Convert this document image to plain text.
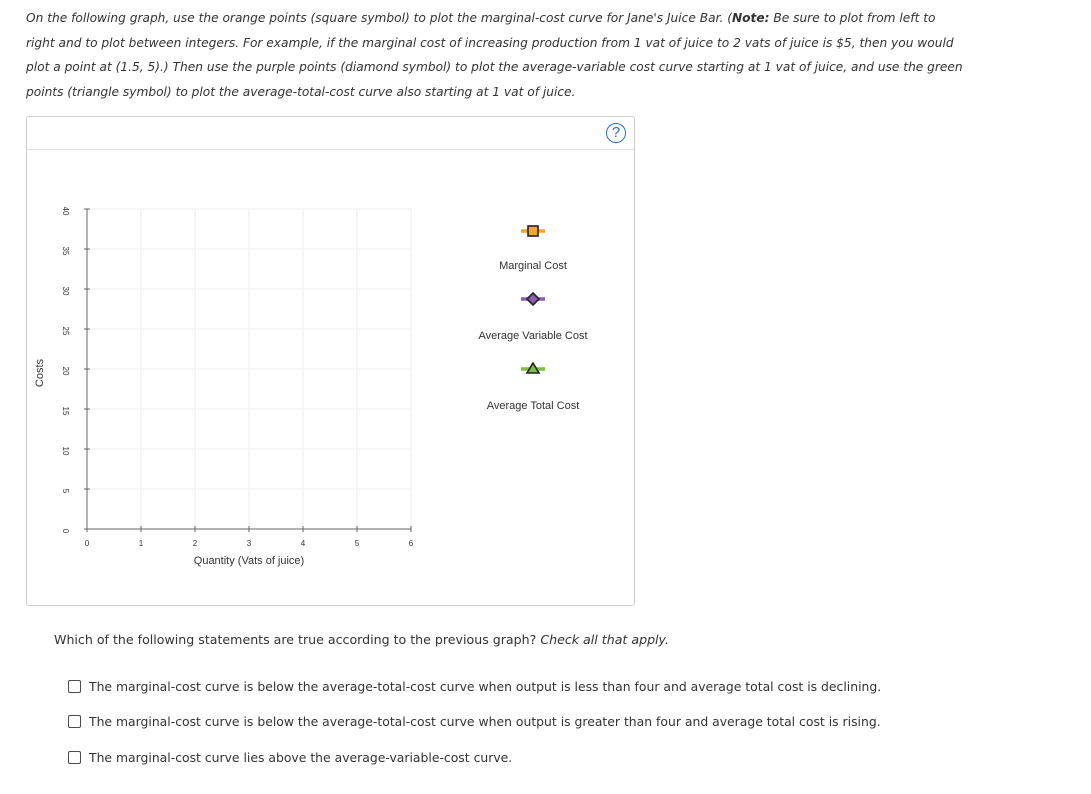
On the following graph, use the orange points (square symbol) to plot the marginal-cost curve for Jane's Juice Bar. (Note: Be sure to plot from left to right and to plot between integers. For example, if the marginal cost of increasing production from 1 vat of juice to 2 vats of juice is $5, then you would plot a point at (1.5, 5).) Then use the purple points (diamond symbol) to plot the average-variable cost curve starting at 1 vat of juice, and use the green points (triangle symbol) to plot the average-total-cost curve also starting at 1 vat of juice.
?
0
5
10
15
20
25
30
35
40
0	1	2	3	4	5	6
Quantity (Vats of juice)
Costs
Marginal Cost
Average Variable Cost
Average Total Cost
Which of the following statements are true according to the previous graph? Check all that apply.
The marginal-cost curve is below the average-total-cost curve when output is less than four and average total cost is declining.
The marginal-cost curve is below the average-total-cost curve when output is greater than four and average total cost is rising.
The marginal-cost curve lies above the average-variable-cost curve.
